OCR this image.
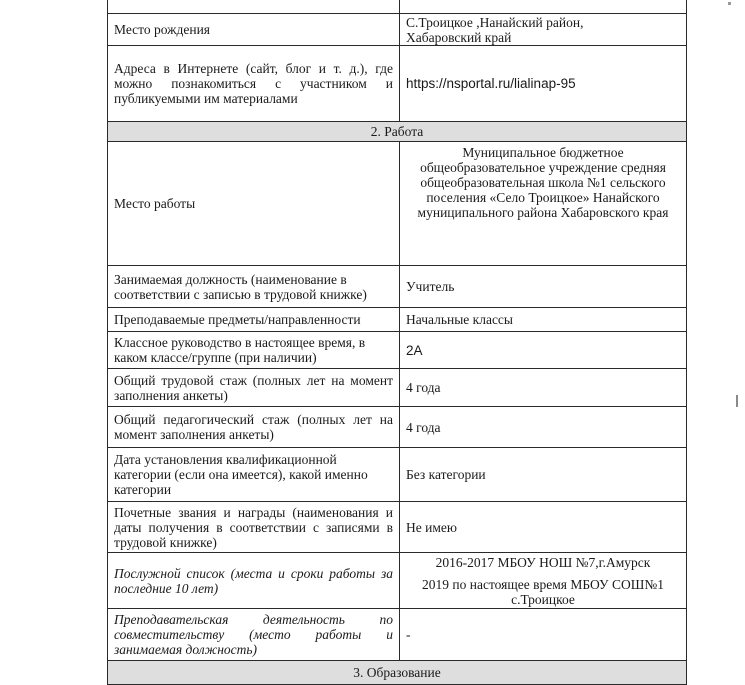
Место рождения	С.Троицкое ,Нанайский район,
Хабаровский край

Адреса в Интернете (сайт, блог и т. д.), где можно познакомиться с участником и публикуемыми им материалами	https://nsportal.ru/lialinap-95
2. Работа	
Место работы	Муниципальное бюджетное общеобразовательное учреждение средняя общеобразовательная школа №1 сельского поселения «Село Троицкое» Нанайского муниципального района Хабаровского края
Занимаемая должность (наименование в соответствии с записью в трудовой книжке)	Учитель
Преподаваемые предметы/направленности	Начальные классы
Классное руководство в настоящее время, в каком классе/группе (при наличии)	2А
Общий трудовой стаж (полных лет на момент заполнения анкеты)	4 года
Общий педагогический стаж (полных лет на момент заполнения анкеты)	4 года
Дата установления квалификационной категории (если она имеется), какой именно категории	Без категории
Почетные звания и награды (наименования и даты получения в соответствии с записями в трудовой книжке)	Не имею
Послужной список (места и сроки работы за последние 10 лет)	2016-2017 МБОУ НОШ №7,г.Амурск
2019 по настоящее время МБОУ СОШ№1
с.Троицкое

Преподавательская деятельность по совместительству (место работы и занимаемая должность)	-
3. Образование	
